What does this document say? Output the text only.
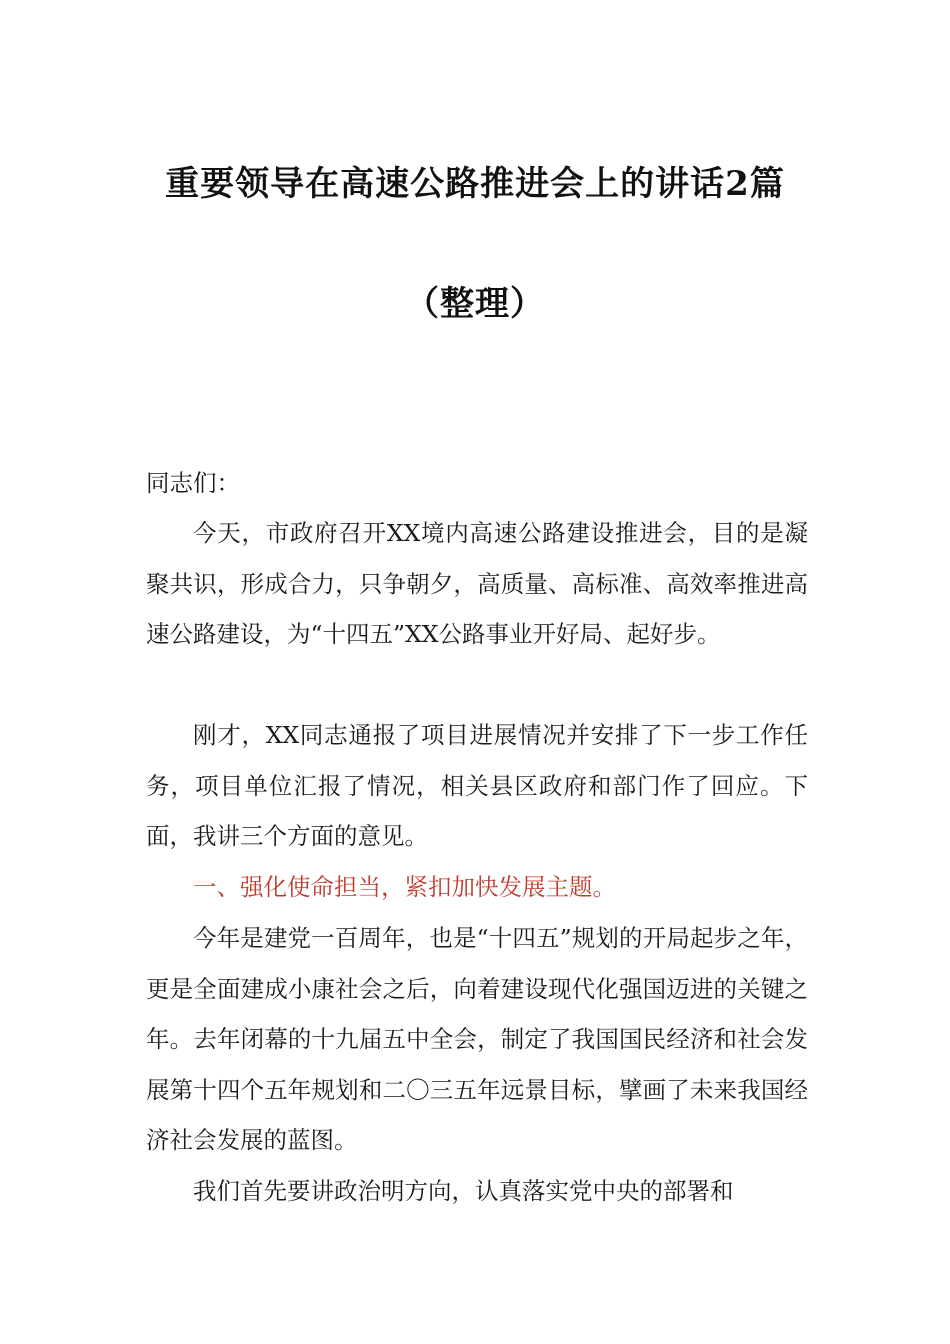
重要领导在高速公路推进会上的讲话2篇
（整理）
同志们：
今天，市政府召开XX境内高速公路建设推进会，目的是凝聚共识，形成合力，只争朝夕，高质量、高标准、高效率推进高速公路建设，为“十四五”XX公路事业开好局、起好步。
刚才，XX同志通报了项目进展情况并安排了下一步工作任务，项目单位汇报了情况，相关县区政府和部门作了回应。下面，我讲三个方面的意见。
一、强化使命担当，紧扣加快发展主题。
今年是建党一百周年，也是“十四五”规划的开局起步之年，更是全面建成小康社会之后，向着建设现代化强国迈进的关键之年。去年闭幕的十九届五中全会，制定了我国国民经济和社会发展第十四个五年规划和二〇三五年远景目标，擘画了未来我国经济社会发展的蓝图。
我们首先要讲政治明方向，认真落实党中央的部署和
